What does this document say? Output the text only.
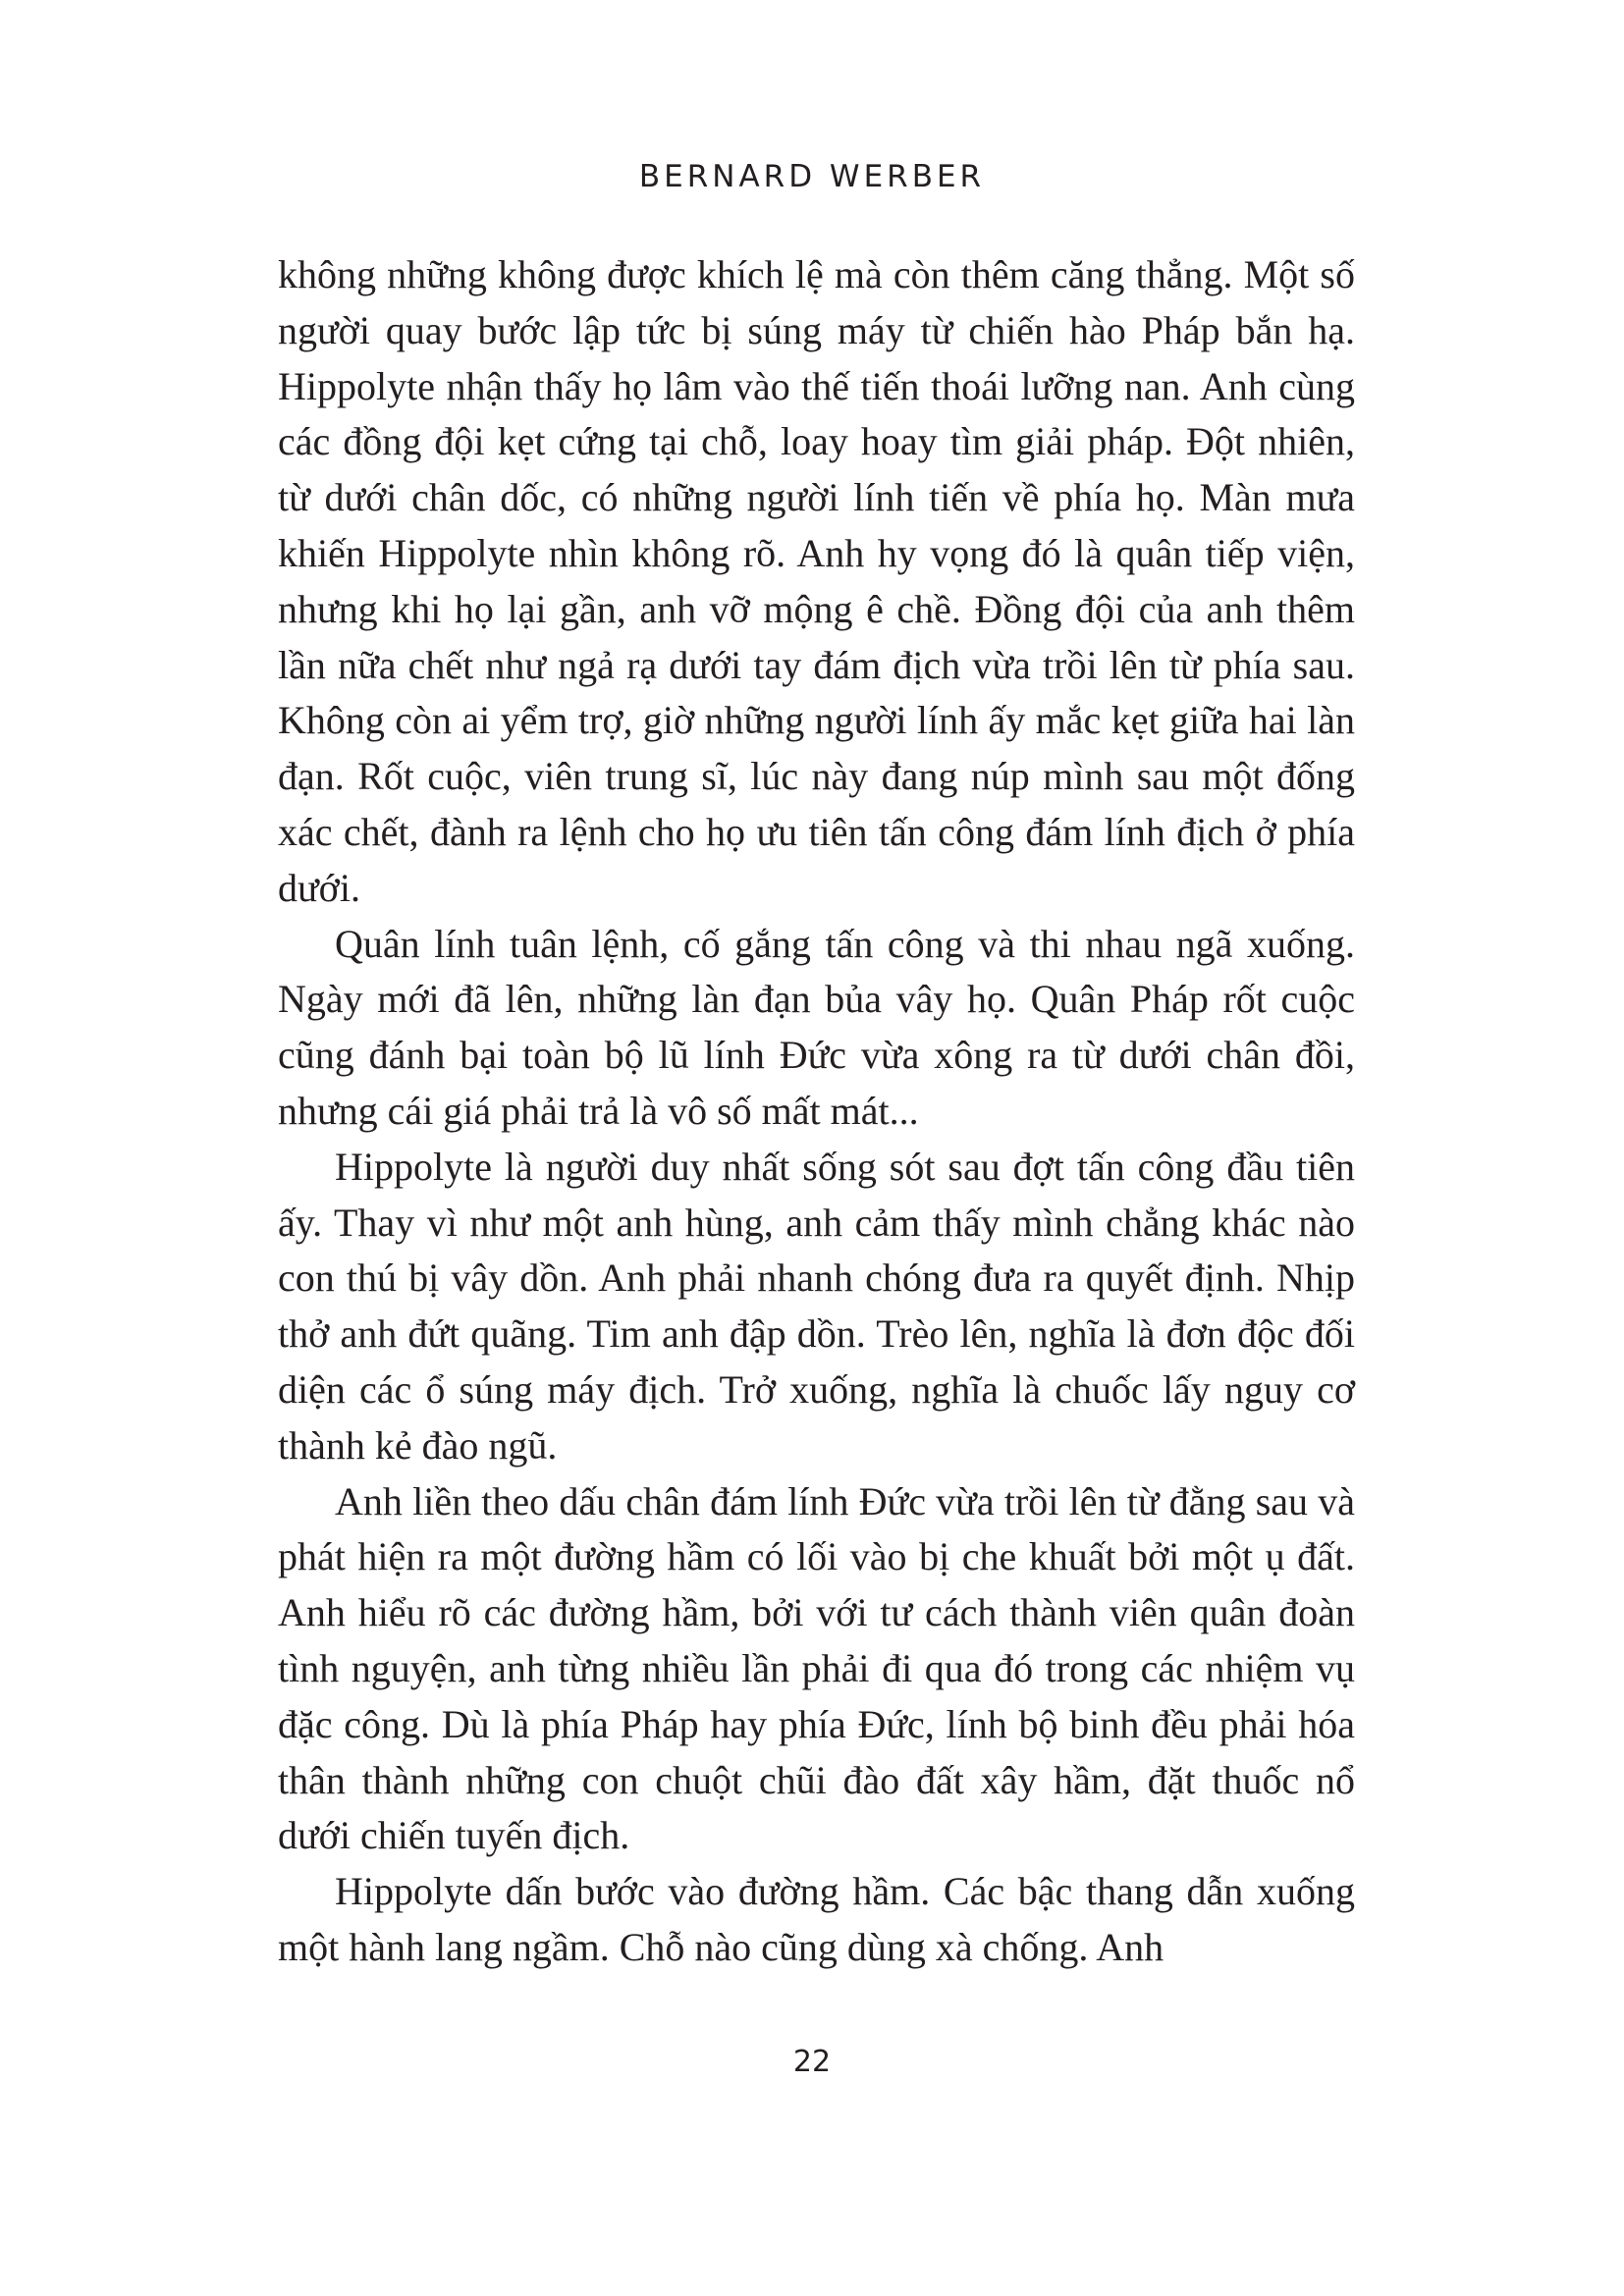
BERNARD WERBER

không những không được khích lệ mà còn thêm căng thẳng. Một số người quay bước lập tức bị súng máy từ chiến hào Pháp bắn hạ. Hippolyte nhận thấy họ lâm vào thế tiến thoái lưỡng nan. Anh cùng các đồng đội kẹt cứng tại chỗ, loay hoay tìm giải pháp. Đột nhiên, từ dưới chân dốc, có những người lính tiến về phía họ. Màn mưa khiến Hippolyte nhìn không rõ. Anh hy vọng đó là quân tiếp viện, nhưng khi họ lại gần, anh vỡ mộng ê chề. Đồng đội của anh thêm lần nữa chết như ngả rạ dưới tay đám địch vừa trồi lên từ phía sau. Không còn ai yểm trợ, giờ những người lính ấy mắc kẹt giữa hai làn đạn. Rốt cuộc, viên trung sĩ, lúc này đang núp mình sau một đống xác chết, đành ra lệnh cho họ ưu tiên tấn công đám lính địch ở phía dưới.

Quân lính tuân lệnh, cố gắng tấn công và thi nhau ngã xuống. Ngày mới đã lên, những làn đạn bủa vây họ. Quân Pháp rốt cuộc cũng đánh bại toàn bộ lũ lính Đức vừa xông ra từ dưới chân đồi, nhưng cái giá phải trả là vô số mất mát...

Hippolyte là người duy nhất sống sót sau đợt tấn công đầu tiên ấy. Thay vì như một anh hùng, anh cảm thấy mình chẳng khác nào con thú bị vây dồn. Anh phải nhanh chóng đưa ra quyết định. Nhịp thở anh đứt quãng. Tim anh đập dồn. Trèo lên, nghĩa là đơn độc đối diện các ổ súng máy địch. Trở xuống, nghĩa là chuốc lấy nguy cơ thành kẻ đào ngũ.

Anh liền theo dấu chân đám lính Đức vừa trồi lên từ đằng sau và phát hiện ra một đường hầm có lối vào bị che khuất bởi một ụ đất. Anh hiểu rõ các đường hầm, bởi với tư cách thành viên quân đoàn tình nguyện, anh từng nhiều lần phải đi qua đó trong các nhiệm vụ đặc công. Dù là phía Pháp hay phía Đức, lính bộ binh đều phải hóa thân thành những con chuột chũi đào đất xây hầm, đặt thuốc nổ dưới chiến tuyến địch.

Hippolyte dấn bước vào đường hầm. Các bậc thang dẫn xuống một hành lang ngầm. Chỗ nào cũng dùng xà chống. Anh

22
